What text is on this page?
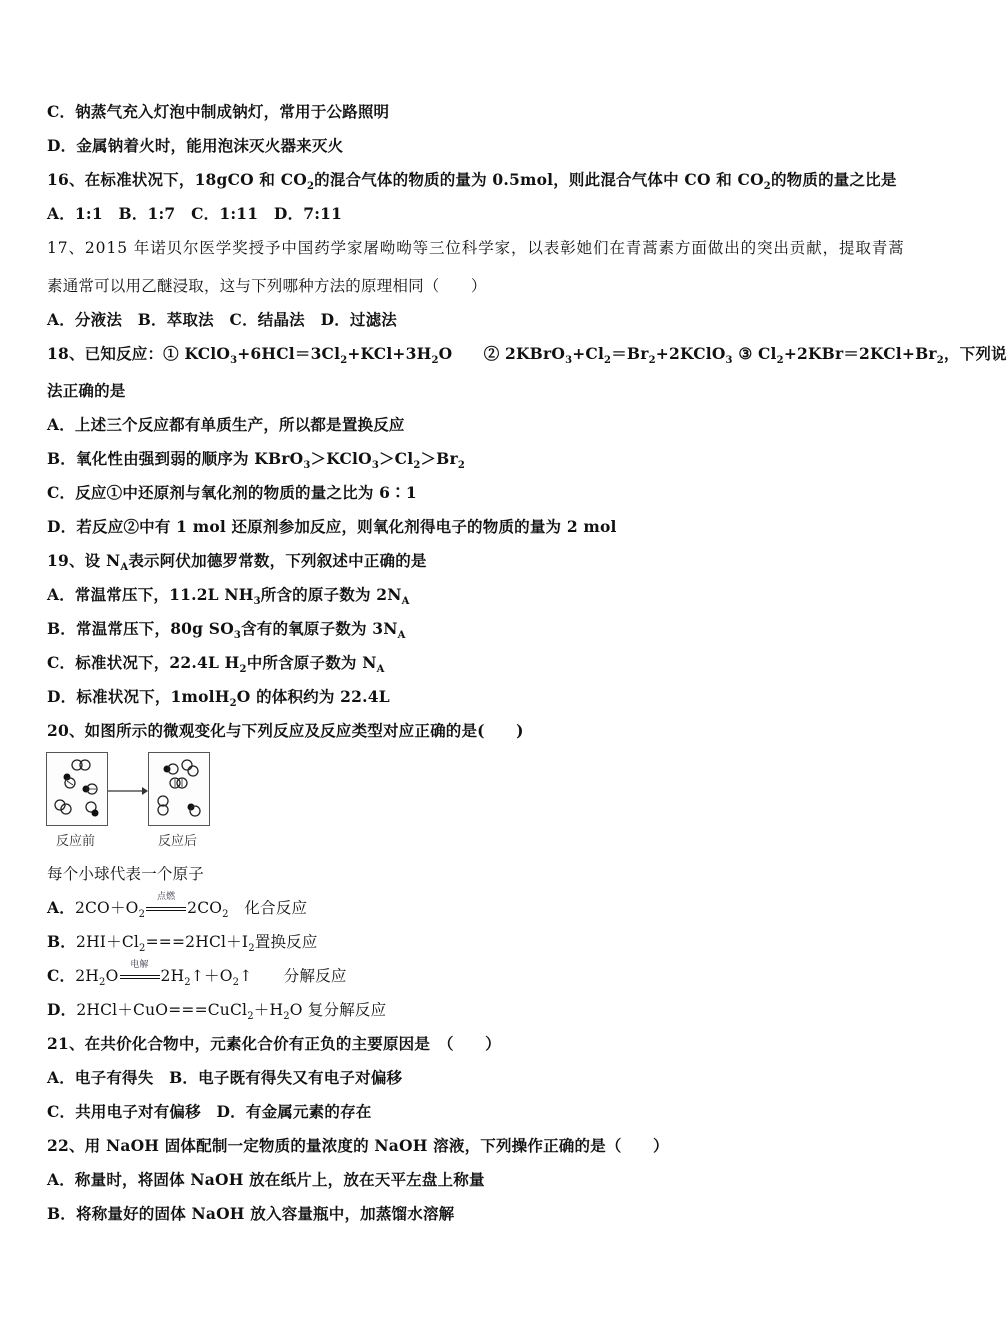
C．钠蒸气充入灯泡中制成钠灯，常用于公路照明
D．金属钠着火时，能用泡沫灭火器来灭火
16、在标准状况下，18gCO 和 $CO_2$的混合气体的物质的量为 0.5mol，则此混合气体中 CO 和 $CO_2$的物质的量之比是
A．1:1　B．1:7　C．1:11　D．7:11
17、2015 年诺贝尔医学奖授予中国药学家屠呦呦等三位科学家，以表彰她们在青蒿素方面做出的突出贡献，提取青蒿
素通常可以用乙醚浸取，这与下列哪种方法的原理相同（　　）
A．分液法　B．萃取法　C．结晶法　D．过滤法
18、已知反应：① $KClO_3+6HCl=3Cl_2+KCl+3H_2O$　　② $2KBrO_3+Cl_2=Br_2+2KClO_3$ ③ $Cl_2+2KBr=2KCl+Br_2$，下列说
法正确的是
A．上述三个反应都有单质生产，所以都是置换反应
B．氧化性由强到弱的顺序为 $KBrO_3>KClO_3>Cl_2>Br_2$
C．反应①中还原剂与氧化剂的物质的量之比为 6∶1
D．若反应②中有 1 mol 还原剂参加反应，则氧化剂得电子的物质的量为 2 mol
19、设 $N_A$表示阿伏加德罗常数，下列叙述中正确的是
A．常温常压下，11.2L $NH_3$所含的原子数为 $2N_A$
B．常温常压下，80g $SO_3$含有的氧原子数为 $3N_A$
C．标准状况下，22.4L $H_2$中所含原子数为 $N_A$
D．标准状况下，1molH$_2$O 的体积约为 22.4L
20、如图所示的微观变化与下列反应及反应类型对应正确的是(　　)
反应前	反应后
每个小球代表一个原子
A．$2CO+O_2$
点燃
$2CO_2$　化合反应
B．$2HI+Cl_2===2HCl+I_2$置换反应
C．$2H_2O$
电解
$2H_2↑+O_2↑$　　分解反应
D．$2HCl+CuO===CuCl_2+H_2O$ 复分解反应
21、在共价化合物中，元素化合价有正负的主要原因是　（　　）
A．电子有得失　B．电子既有得失又有电子对偏移
C．共用电子对有偏移　D．有金属元素的存在
22、用 NaOH 固体配制一定物质的量浓度的 NaOH 溶液，下列操作正确的是（　　）
A．称量时，将固体 NaOH 放在纸片上，放在天平左盘上称量
B．将称量好的固体 NaOH 放入容量瓶中，加蒸馏水溶解
